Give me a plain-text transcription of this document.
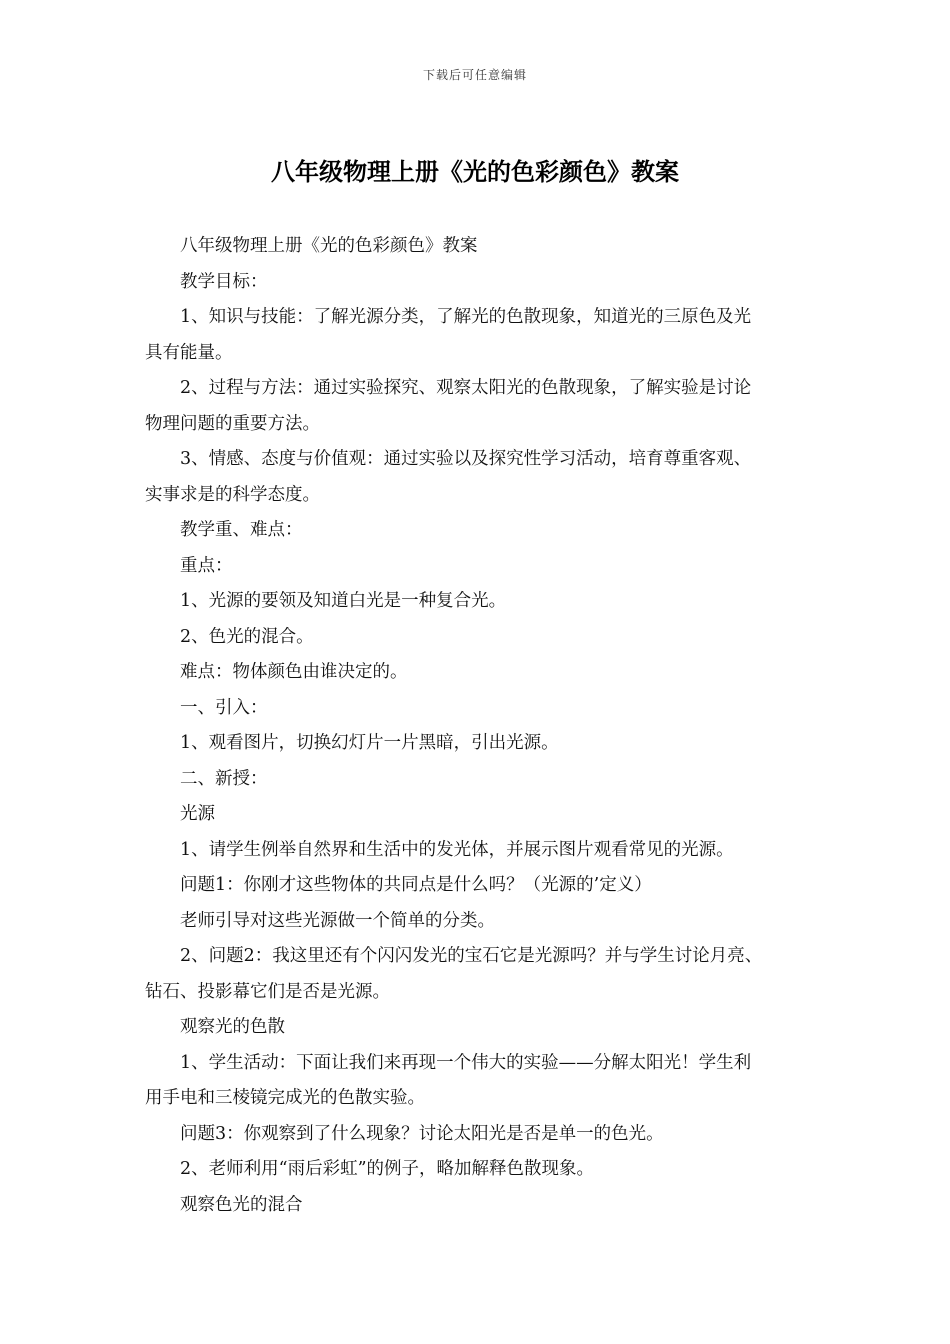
下载后可任意编辑
八年级物理上册《光的色彩颜色》教案

八年级物理上册《光的色彩颜色》教案

教学目标：

1、知识与技能：了解光源分类，了解光的色散现象，知道光的三原色及光
具有能量。

2、过程与方法：通过实验探究、观察太阳光的色散现象，了解实验是讨论
物理问题的重要方法。

3、情感、态度与价值观：通过实验以及探究性学习活动，培育尊重客观、
实事求是的科学态度。

教学重、难点：

重点：

1、光源的要领及知道白光是一种复合光。

2、色光的混合。

难点：物体颜色由谁决定的。

一、引入：

1、观看图片，切换幻灯片一片黑暗，引出光源。

二、新授：

光源

1、请学生例举自然界和生活中的发光体，并展示图片观看常见的光源。

问题1：你刚才这些物体的共同点是什么吗？（光源的’定义）

老师引导对这些光源做一个简单的分类。

2、问题2：我这里还有个闪闪发光的宝石它是光源吗？并与学生讨论月亮、
钻石、投影幕它们是否是光源。

观察光的色散

1、学生活动：下面让我们来再现一个伟大的实验——分解太阳光！学生利
用手电和三棱镜完成光的色散实验。

问题3：你观察到了什么现象？讨论太阳光是否是单一的色光。

2、老师利用“雨后彩虹”的例子，略加解释色散现象。

观察色光的混合
